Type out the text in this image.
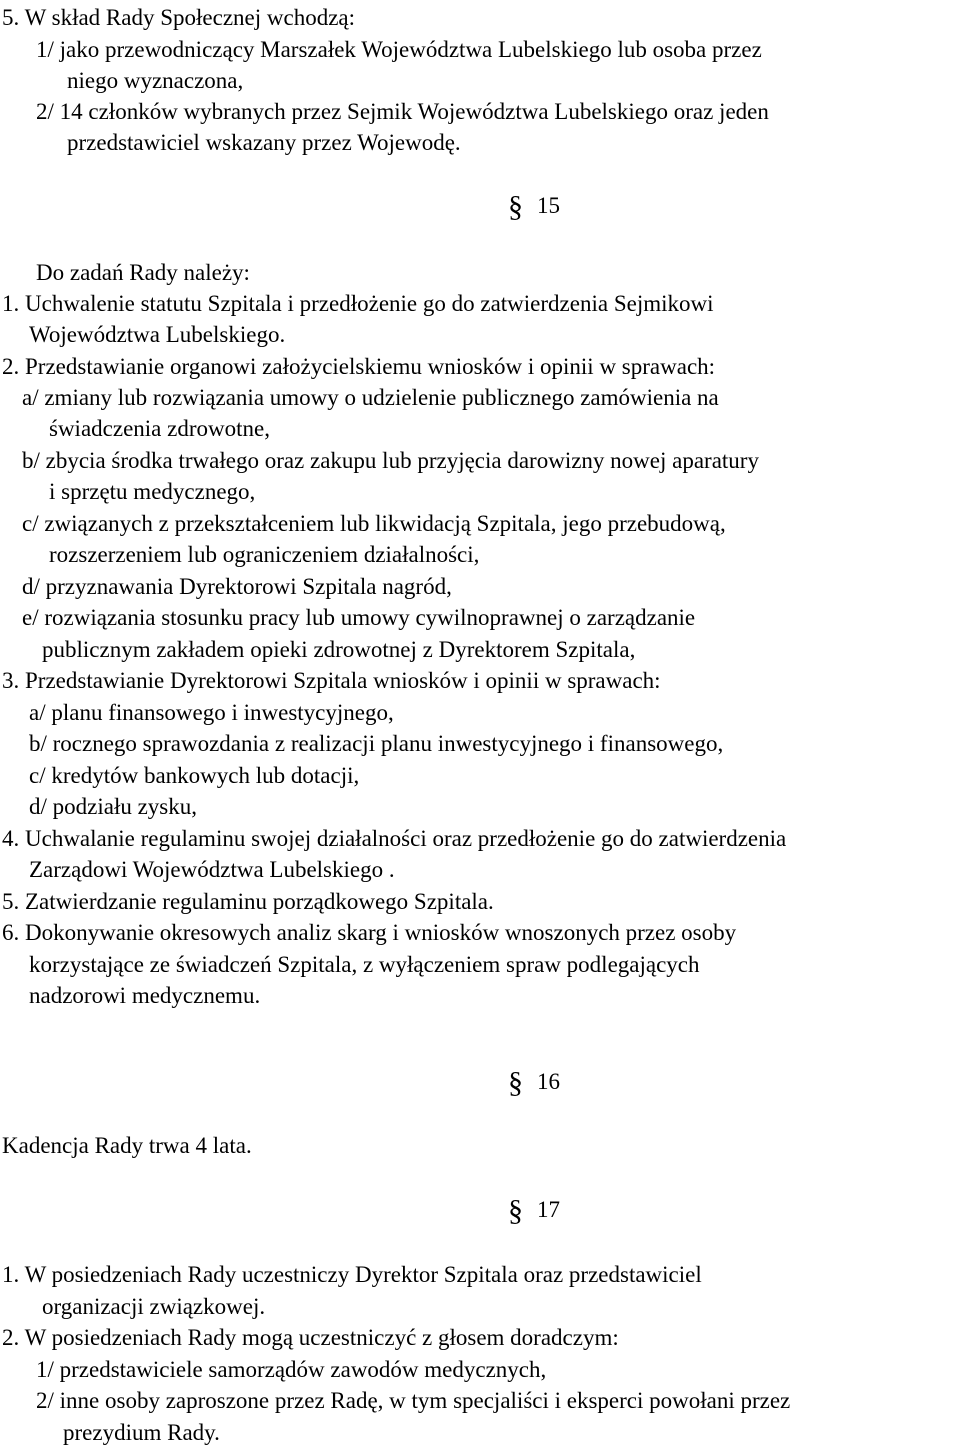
5. W skład Rady Społecznej wchodzą:
1/ jako przewodniczący Marszałek Województwa Lubelskiego lub osoba przez
niego wyznaczona,
2/ 14 członków wybranych przez Sejmik Województwa Lubelskiego oraz jeden
przedstawiciel wskazany przez Wojewodę.
§ 15
Do zadań Rady należy:
1. Uchwalenie statutu Szpitala i przedłożenie go do zatwierdzenia Sejmikowi
Województwa Lubelskiego.
2. Przedstawianie organowi założycielskiemu wniosków i opinii w sprawach:
a/ zmiany lub rozwiązania umowy o udzielenie publicznego zamówienia na
świadczenia zdrowotne,
b/ zbycia środka trwałego oraz zakupu lub przyjęcia darowizny nowej aparatury
i sprzętu medycznego,
c/ związanych z przekształceniem lub likwidacją Szpitala, jego przebudową,
rozszerzeniem lub ograniczeniem działalności,
d/ przyznawania Dyrektorowi Szpitala nagród,
e/ rozwiązania stosunku pracy lub umowy cywilnoprawnej o zarządzanie
publicznym zakładem opieki zdrowotnej z Dyrektorem Szpitala,
3. Przedstawianie Dyrektorowi Szpitala wniosków i opinii w sprawach:
a/ planu finansowego i inwestycyjnego,
b/ rocznego sprawozdania z realizacji planu inwestycyjnego i finansowego,
c/ kredytów bankowych lub dotacji,
d/ podziału zysku,
4. Uchwalanie regulaminu swojej działalności oraz przedłożenie go do zatwierdzenia
Zarządowi Województwa Lubelskiego .
5. Zatwierdzanie regulaminu porządkowego Szpitala.
6. Dokonywanie okresowych analiz skarg i wniosków wnoszonych przez osoby
korzystające ze świadczeń Szpitala, z wyłączeniem spraw podlegających
nadzorowi medycznemu.
§ 16
Kadencja Rady trwa 4 lata.
§ 17
1. W posiedzeniach Rady uczestniczy Dyrektor Szpitala oraz przedstawiciel
organizacji związkowej.
2. W posiedzeniach Rady mogą uczestniczyć z głosem doradczym:
1/ przedstawiciele samorządów zawodów medycznych,
2/ inne osoby zaproszone przez Radę, w tym specjaliści i eksperci powołani przez
prezydium Rady.
